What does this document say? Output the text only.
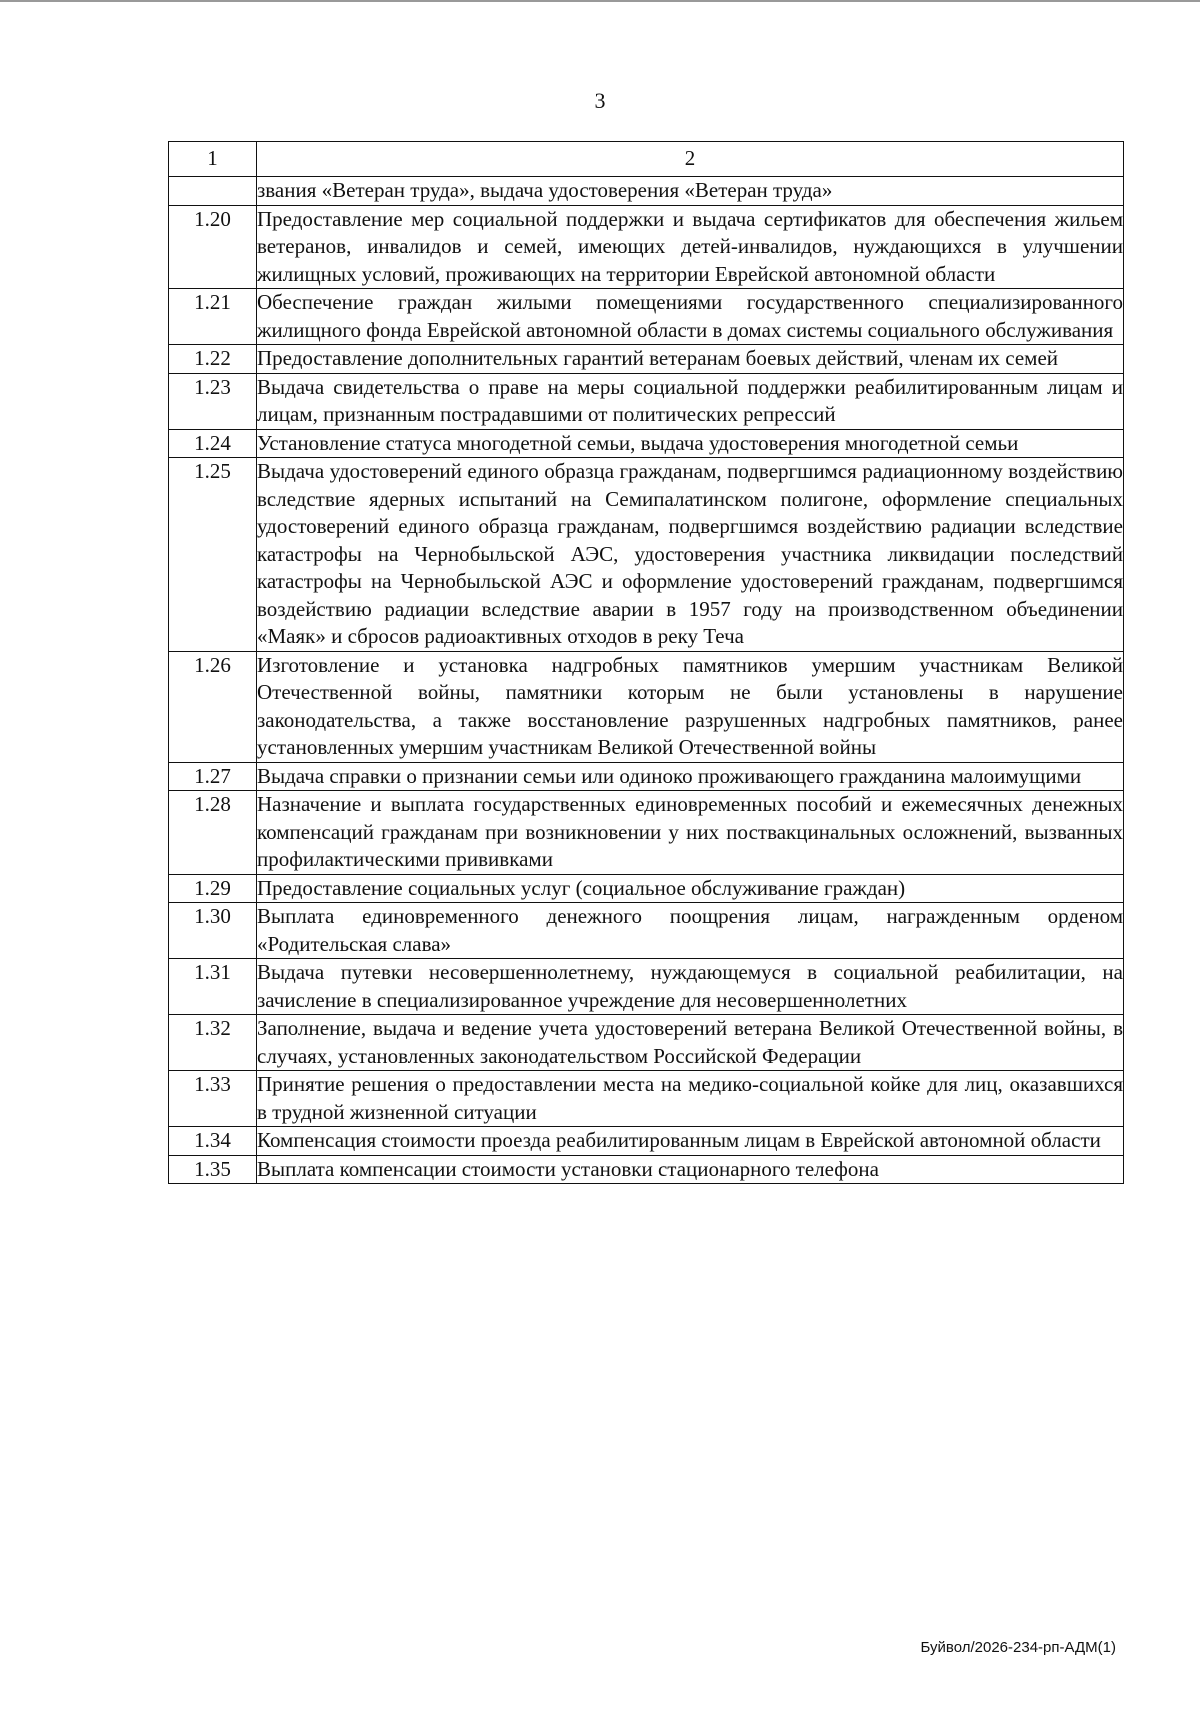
3
1	2
	звания «Ветеран труда», выдача удостоверения «Ветеран труда»
1.20	Предоставление мер социальной поддержки и выдача сертификатов для обеспечения жильем ветеранов, инвалидов и семей, имеющих детей-инвалидов, нуждающихся в улучшении жилищных условий, проживающих на территории Еврейской автономной области
1.21	Обеспечение граждан жилыми помещениями государственного специализированного жилищного фонда Еврейской автономной области в домах системы социального обслуживания
1.22	Предоставление дополнительных гарантий ветеранам боевых действий, членам их семей
1.23	Выдача свидетельства о праве на меры социальной поддержки реабилитированным лицам и лицам, признанным пострадавшими от политических репрессий
1.24	Установление статуса многодетной семьи, выдача удостоверения многодетной семьи
1.25	Выдача удостоверений единого образца гражданам, подвергшимся радиационному воздействию вследствие ядерных испытаний на Семипалатинском полигоне, оформление специальных удостоверений единого образца гражданам, подвергшимся воздействию радиации вследствие катастрофы на Чернобыльской АЭС, удостоверения участника ликвидации последствий катастрофы на Чернобыльской АЭС и оформление удостоверений гражданам, подвергшимся воздействию радиации вследствие аварии в 1957 году на производственном объединении «Маяк» и сбросов радиоактивных отходов в реку Теча
1.26	Изготовление и установка надгробных памятников умершим участникам Великой Отечественной войны, памятники которым не были установлены в нарушение законодательства, а также восстановление разрушенных надгробных памятников, ранее установленных умершим участникам Великой Отечественной войны
1.27	Выдача справки о признании семьи или одиноко проживающего гражданина малоимущими
1.28	Назначение и выплата государственных единовременных пособий и ежемесячных денежных компенсаций гражданам при возникновении у них поствакцинальных осложнений, вызванных профилактическими прививками
1.29	Предоставление социальных услуг (социальное обслуживание граждан)
1.30	Выплата единовременного денежного поощрения лицам, награжденным орденом «Родительская слава»
1.31	Выдача путевки несовершеннолетнему, нуждающемуся в социальной реабилитации, на зачисление в специализированное учреждение для несовершеннолетних
1.32	Заполнение, выдача и ведение учета удостоверений ветерана Великой Отечественной войны, в случаях, установленных законодательством Российской Федерации
1.33	Принятие решения о предоставлении места на медико-социальной койке для лиц, оказавшихся в трудной жизненной ситуации
1.34	Компенсация стоимости проезда реабилитированным лицам в Еврейской автономной области
1.35	Выплата компенсации стоимости установки стационарного телефона
Буйвол/2026-234-рп-АДМ(1)
